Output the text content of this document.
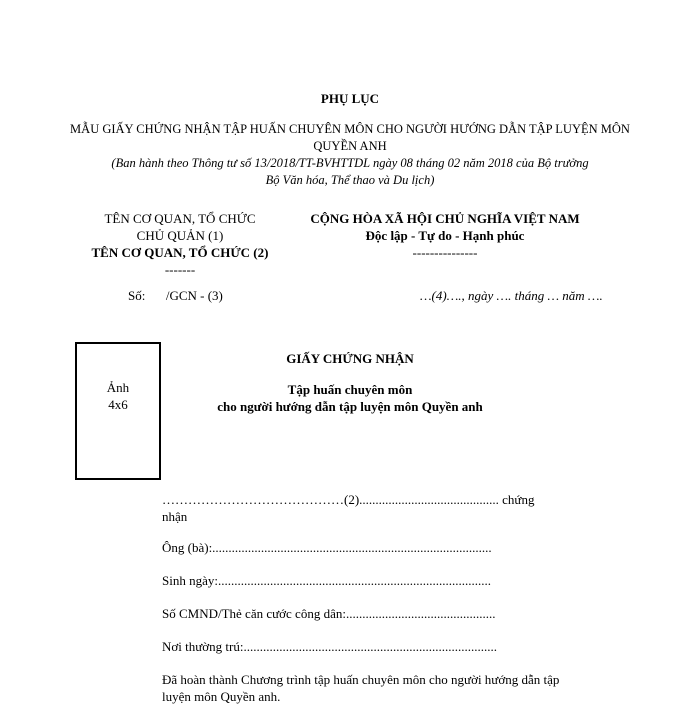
PHỤ LỤC
MẪU GIẤY CHỨNG NHẬN TẬP HUẤN CHUYÊN MÔN CHO NGƯỜI HƯỚNG DẪN TẬP LUYỆN MÔN QUYỀN ANH
(Ban hành theo Thông tư số 13/2018/TT-BVHTTDL ngày 08 tháng 02 năm 2018 của Bộ trưởng
Bộ Văn hóa, Thể thao và Du lịch)
TÊN CƠ QUAN, TỔ CHỨC
CHỦ QUẢN (1)
TÊN CƠ QUAN, TỔ CHỨC (2)
-------
CỘNG HÒA XÃ HỘI CHỦ NGHĨA VIỆT NAM
Độc lập - Tự do - Hạnh phúc
---------------
Số: /GCN - (3)	…(4)…., ngày …. tháng … năm ….
Ảnh
4x6
GIẤY CHỨNG NHẬN
Tập huấn chuyên môn
cho người hướng dẫn tập luyện môn Quyền anh
……………………………………(2)........................................... chứng
nhận
Ông (bà):......................................................................................
Sinh ngày:....................................................................................
Số CMND/Thẻ căn cước công dân:..............................................
Nơi thường trú:..............................................................................
Đã hoàn thành Chương trình tập huấn chuyên môn cho người hướng dẫn tập
luyện môn Quyền anh.
